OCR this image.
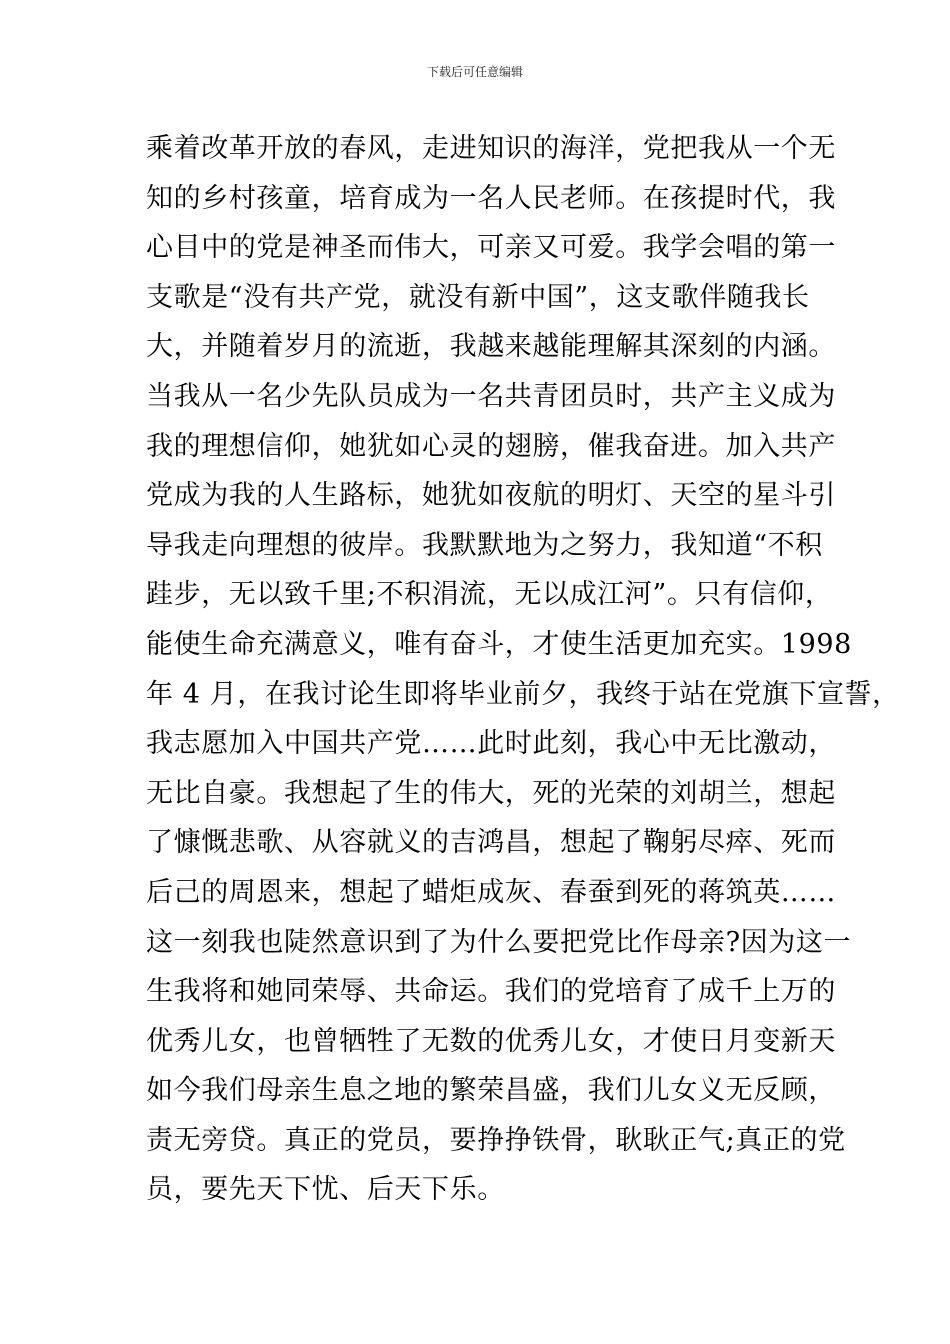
下载后可任意编辑
乘着改革开放的春风，走进知识的海洋，党把我从一个无
知的乡村孩童，培育成为一名人民老师。在孩提时代，我
心目中的党是神圣而伟大，可亲又可爱。我学会唱的第一
支歌是“没有共产党，就没有新中国”，这支歌伴随我长
大，并随着岁月的流逝，我越来越能理解其深刻的内涵。
当我从一名少先队员成为一名共青团员时，共产主义成为
我的理想信仰，她犹如心灵的翅膀，催我奋进。加入共产
党成为我的人生路标，她犹如夜航的明灯、天空的星斗引
导我走向理想的彼岸。我默默地为之努力，我知道“不积
跬步，无以致千里;不积涓流，无以成江河”。只有信仰，
能使生命充满意义，唯有奋斗，才使生活更加充实。1998
年 4 月，在我讨论生即将毕业前夕，我终于站在党旗下宣誓，
我志愿加入中国共产党……此时此刻，我心中无比激动，
无比自豪。我想起了生的伟大，死的光荣的刘胡兰，想起
了慷慨悲歌、从容就义的吉鸿昌，想起了鞠躬尽瘁、死而
后己的周恩来，想起了蜡炬成灰、春蚕到死的蒋筑英……
这一刻我也陡然意识到了为什么要把党比作母亲?因为这一
生我将和她同荣辱、共命运。我们的党培育了成千上万的
优秀儿女，也曾牺牲了无数的优秀儿女，才使日月变新天
如今我们母亲生息之地的繁荣昌盛，我们儿女义无反顾，
责无旁贷。真正的党员，要挣挣铁骨，耿耿正气;真正的党
员，要先天下忧、后天下乐。
